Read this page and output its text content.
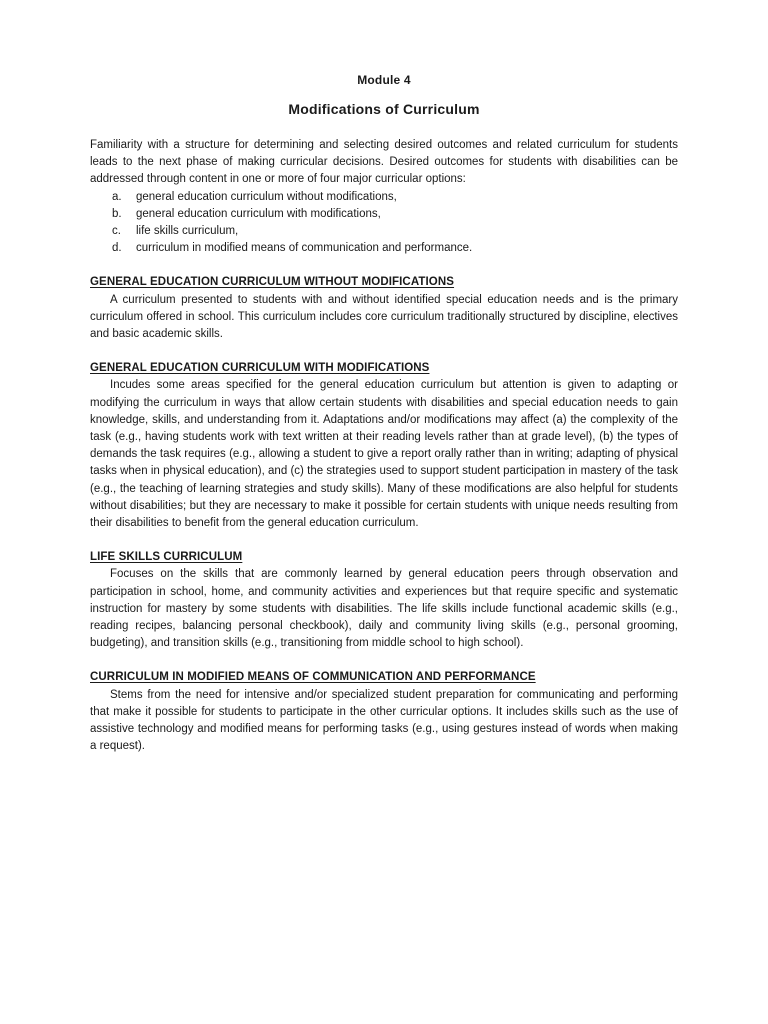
Module 4
Modifications of Curriculum

Familiarity with a structure for determining and selecting desired outcomes and related curriculum for students leads to the next phase of making curricular decisions. Desired outcomes for students with disabilities can be addressed through content in one or more of four major curricular options:

a. general education curriculum without modifications,
b. general education curriculum with modifications,
c. life skills curriculum,
d. curriculum in modified means of communication and performance.
GENERAL EDUCATION CURRICULUM WITHOUT MODIFICATIONS

A curriculum presented to students with and without identified special education needs and is the primary curriculum offered in school. This curriculum includes core curriculum traditionally structured by discipline, electives and basic academic skills.

GENERAL EDUCATION CURRICULUM WITH MODIFICATIONS

Incudes some areas specified for the general education curriculum but attention is given to adapting or modifying the curriculum in ways that allow certain students with disabilities and special education needs to gain knowledge, skills, and understanding from it. Adaptations and/or modifications may affect (a) the complexity of the task (e.g., having students work with text written at their reading levels rather than at grade level), (b) the types of demands the task requires (e.g., allowing a student to give a report orally rather than in writing; adapting of physical tasks when in physical education), and (c) the strategies used to support student participation in mastery of the task (e.g., the teaching of learning strategies and study skills). Many of these modifications are also helpful for students without disabilities; but they are necessary to make it possible for certain students with unique needs resulting from their disabilities to benefit from the general education curriculum.

LIFE SKILLS CURRICULUM

Focuses on the skills that are commonly learned by general education peers through observation and participation in school, home, and community activities and experiences but that require specific and systematic instruction for mastery by some students with disabilities. The life skills include functional academic skills (e.g., reading recipes, balancing personal checkbook), daily and community living skills (e.g., personal grooming, budgeting), and transition skills (e.g., transitioning from middle school to high school).

CURRICULUM IN MODIFIED MEANS OF COMMUNICATION AND PERFORMANCE

Stems from the need for intensive and/or specialized student preparation for communicating and performing that make it possible for students to participate in the other curricular options. It includes skills such as the use of assistive technology and modified means for performing tasks (e.g., using gestures instead of words when making a request).
